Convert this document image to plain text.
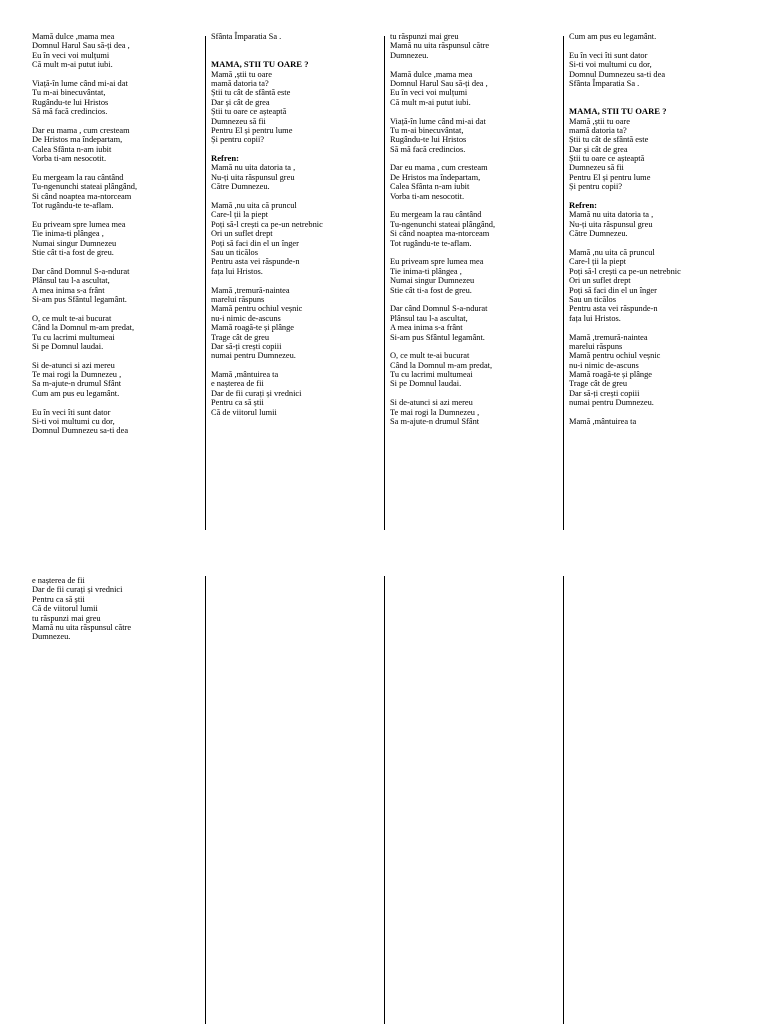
Mamă dulce ,mama mea
Domnul Harul Sau să-ți dea ,
Eu în veci voi mulțumi
Că mult m-ai putut iubi.
Viață-în lume când mi-ai dat
Tu m-ai binecuvântat,
Rugându-te lui Hristos
Să mă facă credincios.
Dar eu mama , cum cresteam
De Hristos ma îndepartam,
Calea Sfânta n-am iubit
Vorba ti-am nesocotit.
Eu mergeam la rau cântând
Tu-ngenunchi stateai plângând,
Si când noaptea ma-ntorceam
Tot rugându-te te-aflam.
Eu priveam spre lumea mea
Tie inima-ti plângea ,
Numai singur Dumnezeu
Stie cât ti-a fost de greu.
Dar când Domnul S-a-ndurat
Plânsul tau l-a ascultat,
A mea inima s-a frânt
Si-am pus Sfântul legamânt.
O, ce mult te-ai bucurat
Când la Domnul m-am predat,
Tu cu lacrimi multumeai
Si pe Domnul laudai.
Si de-atunci si azi mereu
Te mai rogi la Dumnezeu ,
Sa m-ajute-n drumul Sfânt
Cum am pus eu legamânt.
Eu în veci îti sunt dator
Si-ti voi multumi cu dor,
Domnul Dumnezeu sa-ti dea
Sfânta Împaratia Sa .
MAMA, STII TU OARE ?
Mamă ,știi tu oare
mamă datoria ta?
Știi tu cât de sfântă este
Dar și cât de grea
Știi tu oare ce așteaptă
Dumnezeu să fii
Pentru El și pentru lume
Și pentru copii?
Refren:
Mamă nu uita datoria ta ,
Nu-ți uita răspunsul greu
Către Dumnezeu.
Mamă ,nu uita că pruncul
Care-l ții la piept
Poți să-l crești ca pe-un netrebnic
Ori un suflet drept
Poți să faci din el un înger
Sau un ticălos
Pentru asta vei răspunde-n
fața lui Hristos.
Mamă ,tremură-naintea
marelui răspuns
Mamă pentru ochiul veșnic
nu-i nimic de-ascuns
Mamă roagă-te și plânge
Trage cât de greu
Dar să-ți crești copiii
numai pentru Dumnezeu.
Mamă ,mântuirea ta
e nașterea de fii
Dar de fii curați și vrednici
Pentru ca să știi
Că de viitorul lumii
tu răspunzi mai greu
Mamă nu uita răspunsul către
Dumnezeu.
Mamă dulce ,mama mea
Domnul Harul Sau să-ți dea ,
Eu în veci voi mulțumi
Că mult m-ai putut iubi.
Viață-în lume când mi-ai dat
Tu m-ai binecuvântat,
Rugându-te lui Hristos
Să mă facă credincios.
Dar eu mama , cum cresteam
De Hristos ma îndepartam,
Calea Sfânta n-am iubit
Vorba ti-am nesocotit.
Eu mergeam la rau cântând
Tu-ngenunchi stateai plângând,
Si când noaptea ma-ntorceam
Tot rugându-te te-aflam.
Eu priveam spre lumea mea
Tie inima-ti plângea ,
Numai singur Dumnezeu
Stie cât ti-a fost de greu.
Dar când Domnul S-a-ndurat
Plânsul tau l-a ascultat,
A mea inima s-a frânt
Si-am pus Sfântul legamânt.
O, ce mult te-ai bucurat
Când la Domnul m-am predat,
Tu cu lacrimi multumeai
Si pe Domnul laudai.
Si de-atunci si azi mereu
Te mai rogi la Dumnezeu ,
Sa m-ajute-n drumul Sfânt
Cum am pus eu legamânt.
Eu în veci îti sunt dator
Si-ti voi multumi cu dor,
Domnul Dumnezeu sa-ti dea
Sfânta Împaratia Sa .
MAMA, STII TU OARE ?
Mamă ,știi tu oare
mamă datoria ta?
Știi tu cât de sfântă este
Dar și cât de grea
Știi tu oare ce așteaptă
Dumnezeu să fii
Pentru El și pentru lume
Și pentru copii?
Refren:
Mamă nu uita datoria ta ,
Nu-ți uita răspunsul greu
Către Dumnezeu.
Mamă ,nu uita că pruncul
Care-l ții la piept
Poți să-l crești ca pe-un netrebnic
Ori un suflet drept
Poți să faci din el un înger
Sau un ticălos
Pentru asta vei răspunde-n
fața lui Hristos.
Mamă ,tremură-naintea
marelui răspuns
Mamă pentru ochiul veșnic
nu-i nimic de-ascuns
Mamă roagă-te și plânge
Trage cât de greu
Dar să-ți crești copiii
numai pentru Dumnezeu.
Mamă ,mântuirea ta
e nașterea de fii
Dar de fii curați și vrednici
Pentru ca să știi
Că de viitorul lumii
tu răspunzi mai greu
Mamă nu uita răspunsul către
Dumnezeu.
